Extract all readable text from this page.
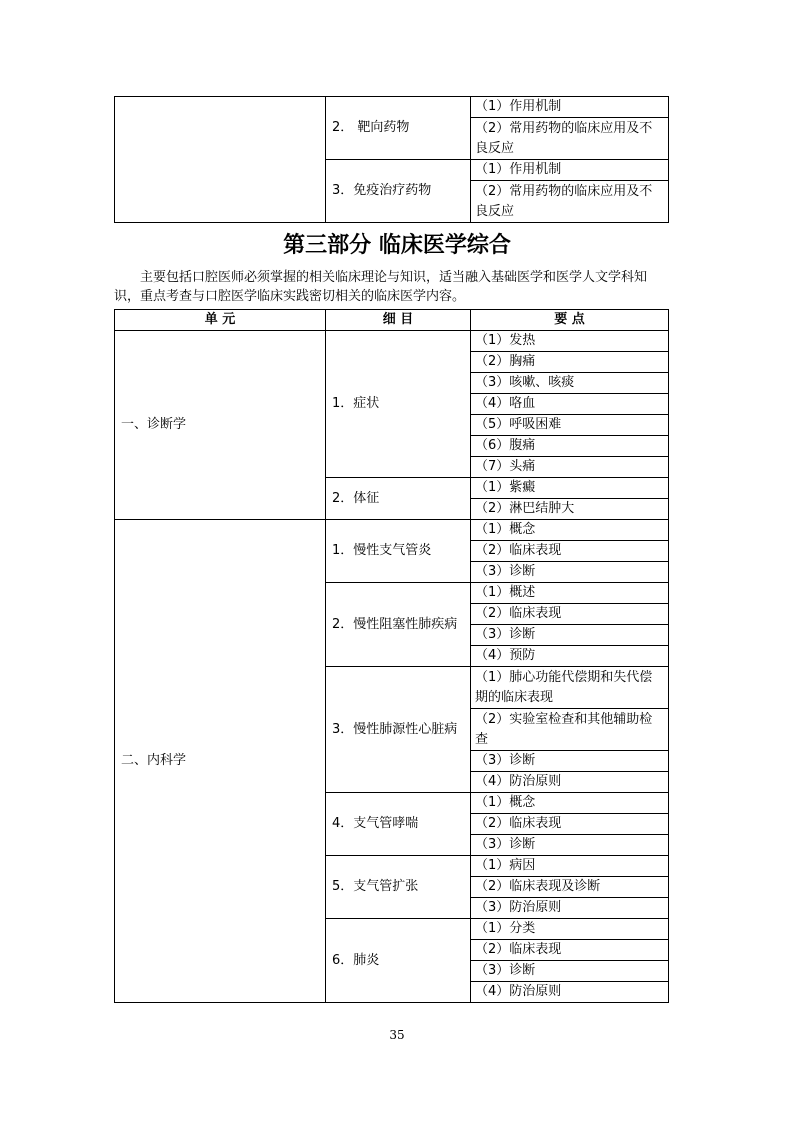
	2． 靶向药物	（1）作用机制
		（2）常用药物的临床应用及不良反应
	3．免疫治疗药物	（1）作用机制
		（2）常用药物的临床应用及不良反应
第三部分 临床医学综合

主要包括口腔医师必须掌握的相关临床理论与知识，适当融入基础医学和医学人文学科知识，重点考查与口腔医学临床实践密切相关的临床医学内容。

单 元	细 目	要 点
一、诊断学	1．症状	（1）发热
		（2）胸痛
		（3）咳嗽、咳痰
		（4）咯血
		（5）呼吸困难
		（6）腹痛
		（7）头痛
	2．体征	（1）紫癜
		（2）淋巴结肿大
二、内科学	1．慢性支气管炎	（1）概念
		（2）临床表现
		（3）诊断
	2．慢性阻塞性肺疾病	（1）概述
		（2）临床表现
		（3）诊断
		（4）预防
	3．慢性肺源性心脏病	（1）肺心功能代偿期和失代偿期的临床表现
		（2）实验室检查和其他辅助检查
		（3）诊断
		（4）防治原则
	4．支气管哮喘	（1）概念
		（2）临床表现
		（3）诊断
	5．支气管扩张	（1）病因
		（2）临床表现及诊断
		（3）防治原则
	6．肺炎	（1）分类
		（2）临床表现
		（3）诊断
		（4）防治原则
35
